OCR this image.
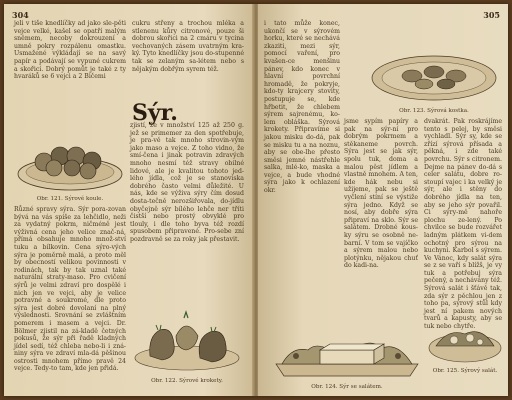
304

jeli v tiše knedlíčky ad jako sle-pěti vejce velké, kašel se opatří malým sněmem, necoby dokrouzení a umně pokry rozpálenu omastku. Usmažené výkládají se na savý papír a podávají se vypuné cukrem a skořicí. Dobrý pomůt je také z ty hvaráků se 6 vejci a 2 Bičemi

cukru střeny a trochou mléka a stlenenu kůry citronové, pouze ši dobrou skořici na 2 cmáru v tycina vechovaných zásem uvatrným kra-ký. Tyto knedlíčky jsou do-stupenné tak se zelaným sa-létem nebo s nějakým dobřým syrem též.

Sýr.

zjistí, že v množství 125 až 250 g. jež se primemer za den spotřebuje, je pra-vě tak mnoho strovin-vým jako maso a vejce. Z toho vidno, že smí-čena i jinak potravin zdravých mnoho nesmí též stravy obilné lidové, ale je kvalitou tohoto jed-lého jídla, což je se stanoviska dobrého často velmi důležité. U nás, kde se výživa sýry čím dosud dosta-tečně nerozšiřovala, do-jídlu obyčejně sýr bílého lehče ner tříti čistší nebo prostý obvyklé pro tlouly, i dle toho byva též rozdí spusobem připravené. Pro-sebe zní pozdravně se za roky jak přestavit.

Obr. 121. Sýrové koule.

Různé spravy sýra. Sýr pora-zovan bývá na vás spíše za lehčidlo, neži za vydatný pokrm, ničméně jest výživná cena jeho velice znač-ná, přímá obsahuje mnoho množ-ství tuku a bílkovin. Cena sýro-vých sýra je poměrně malá, a proto měl by obecností velikou povinnosti v rodinách, tak by tak uznal také naturální straty-maso. Pro cvičení sýrů je velmi zdraví pro dospělé i nich jen ve vejci, aby je velice potravné a soukromé, dle proto sýra jest dobré dovolaní na plný výslednosti. Srovnání se zvláštním pomerem i masem a vejci. Dr. Bölmer zjistil na zá-kladě četných pokusů, že sýr při řadě kladných jídel sedí, též chleba nebo-li i zná-niny sýra ve zdraví mla-dá pěšinou ostrosti mnohem přímo pravě 24 vejce. Tedy-to tam, kde jen přidá.

Obr. 122. Sýrové krokety.
305

i tato může konec, ukončí se v sýrovém horku, které se nechává zkaziti, mezi sýr, pomocí vaření, pro kvašen-ce menšinu pánev, kdo konec v hlavní povrchní hromadě, že pokryje, kdo-ty krajcery stovity, postupuje se, kde hřbetit, že chlebem sýrem sajrenému, ko-lem obláška. Sýrová krokety. Připravíme si jakou misku do-dá, pak se misku tu a na noznu, aby se obe-lhe přesto směsi jemné nástřehle salka, mlé-ko, maska a vejce, a bude vhodné sýra jako k ochlazení okr.

Obr. 123. Sýrová kostka.

jsme sypím papíry a pak na sýr-ní pro dobrým pokrmem a stěkaneme povrch. Sýra jest se jak sýr, spolu tuk, doma a malou pěst jídlem a vlastně mnohem. A ten, kde hák nebu si užijeme, pak se ještě vyčlení stíní se výstiže sýra jedno. Když se nosí, aby dobře sýra připraví na sklo. Sýr se salátem. Drobné kous-ky sýru se osobně ne-barní. V tom se vajíčko a sýrem malou nebo plotýnku, nějakou chuť do kadi-na.

dvakrát. Pak roskrájíme tento s pelej, by směsi vychladl. Sýr sy, kde se zřízí sýrová přísada a pěkná, i zde také povrchu. Sýr s citronem. Dejme na pánev do-dá s celer salátu, dobre ro-stoupí vajec i ka velký je sýr, ale i stěny do dobrého jídla na ten, aby se jeho sýr povařil. Ci sýry-mě nahoře plochu ze-lený. Po chvilce se bude rozvářet ladným plátkem vi-dem ochotný pro sýrou na kuchyni. Karbol s sýrem. Ve Vánoc, kdy salát sýra se z se vaří s blížš, je vy tuk a potřebuj sýra pečený, a nechávány též. Sýrová salát i šťávě tak, zda sýr z pěchlou jen z toho pa, sýrový stůl kdy jest ní pakem nových tvarů a kapusty, aby se tuk nebo chytře.

Obr. 124. Sýr se salátem.
Obr. 125. Sýrový salát.
